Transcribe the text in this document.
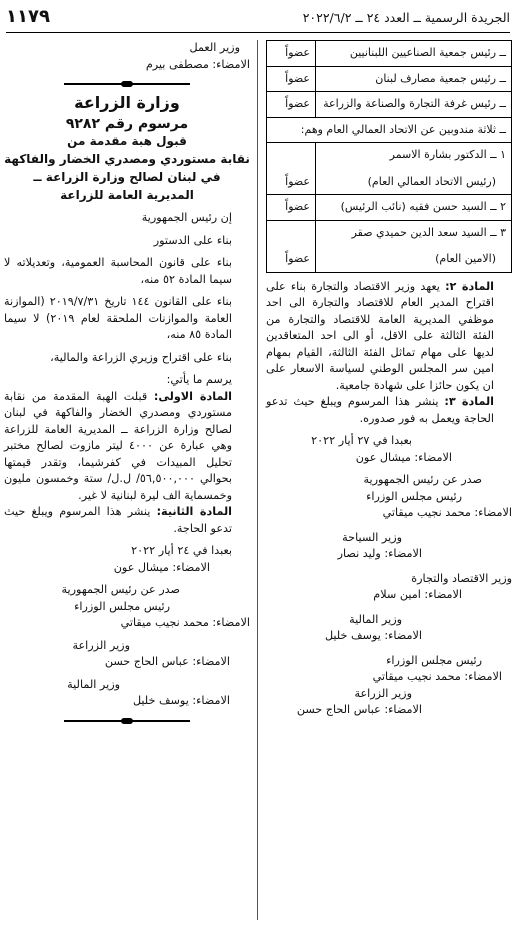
الجريدة الرسمية ــ العدد ٢٤ ــ ٢٠٢٢/٦/٢
١١٧٩
ــ رئيس جمعية الصناعيين اللبنانيين	عضواً
ــ رئيس جمعية مصارف لبنان	عضواً
ــ رئيس غرفة التجارة والصناعة والزراعة	عضواً
ــ ثلاثة مندوبين عن الاتحاد العمالي العام وهم:	
١ ــ الدكتور بشارة الاسمر
(رئيس الاتحاد العمالي العام)	عضواً
٢ ــ السيد حسن فقيه (نائب الرئيس)	عضواً
٣ ــ السيد سعد الدين حميدي صقر
(الامين العام)	عضواً

المادة ٢: يعهد وزير الاقتصاد والتجارة بناء على اقتراح المدير العام للاقتصاد والتجارة الى احد موظفي المديرية العامة للاقتصاد والتجارة من الفئة الثالثة على الاقل، أو الى احد المتعاقدين لديها على مهام تماثل الفئة الثالثة، القيام بمهام امين سر المجلس الوطني لسياسة الاسعار على ان يكون حائزا على شهادة جامعية.

المادة ٣: ينشر هذا المرسوم ويبلغ حيث تدعو الحاجة ويعمل به فور صدوره.

بعبدا في ٢٧ أيار ٢٠٢٢

الامضاء: ميشال عون

صدر عن رئيس الجمهورية

رئيس مجلس الوزراء

الامضاء: محمد نجيب ميقاتي

وزير السياحة

الامضاء: وليد نصار

وزير الاقتصاد والتجارة

الامضاء: امين سلام

وزير المالية

الامضاء: يوسف خليل

رئيس مجلس الوزراء

الامضاء: محمد نجيب ميقاتي

وزير الزراعة

الامضاء: عباس الحاج حسن

وزير العمل

الامضاء: مصطفى بيرم

وزارة الزراعة

مرسوم رقم ٩٢٨٢

قبول هبة مقدمة من

نقابة مستوردي ومصدري الخضار والفاكهة

في لبنان لصالح وزارة الزراعة ــ

المديرية العامة للزراعة

إن رئيس الجمهورية

بناء على الدستور

بناء على قانون المحاسبة العمومية، وتعديلاته لا سيما المادة ٥٢ منه،

بناء على القانون ١٤٤ تاريخ ٢٠١٩/٧/٣١ (الموازنة العامة والموازنات الملحقة لعام ٢٠١٩) لا سيما المادة ٨٥ منه،

بناء على اقتراح وزيري الزراعة والمالية،

يرسم ما يأتي:

المادة الاولى: قبلت الهبة المقدمة من نقابة مستوردي ومصدري الخضار والفاكهة في لبنان لصالح وزارة الزراعة ــ المديرية العامة للزراعة وهي عبارة عن ٤٠٠٠ ليتر مازوت لصالح مختبر تحليل المبيدات في كفرشيما، وتقدر قيمتها بحوالي ٥٦,٥٠٠,٠٠٠/ ل.ل/ ستة وخمسون مليون وخمسماية الف ليرة لبنانية لا غير.

المادة الثانية: ينشر هذا المرسوم ويبلغ حيث تدعو الحاجة.

بعبدا في ٢٤ أيار ٢٠٢٢

الامضاء: ميشال عون

صدر عن رئيس الجمهورية

رئيس مجلس الوزراء

الامضاء: محمد نجيب ميقاتي

وزير الزراعة

الامضاء: عباس الحاج حسن

وزير المالية

الامضاء: يوسف خليل
